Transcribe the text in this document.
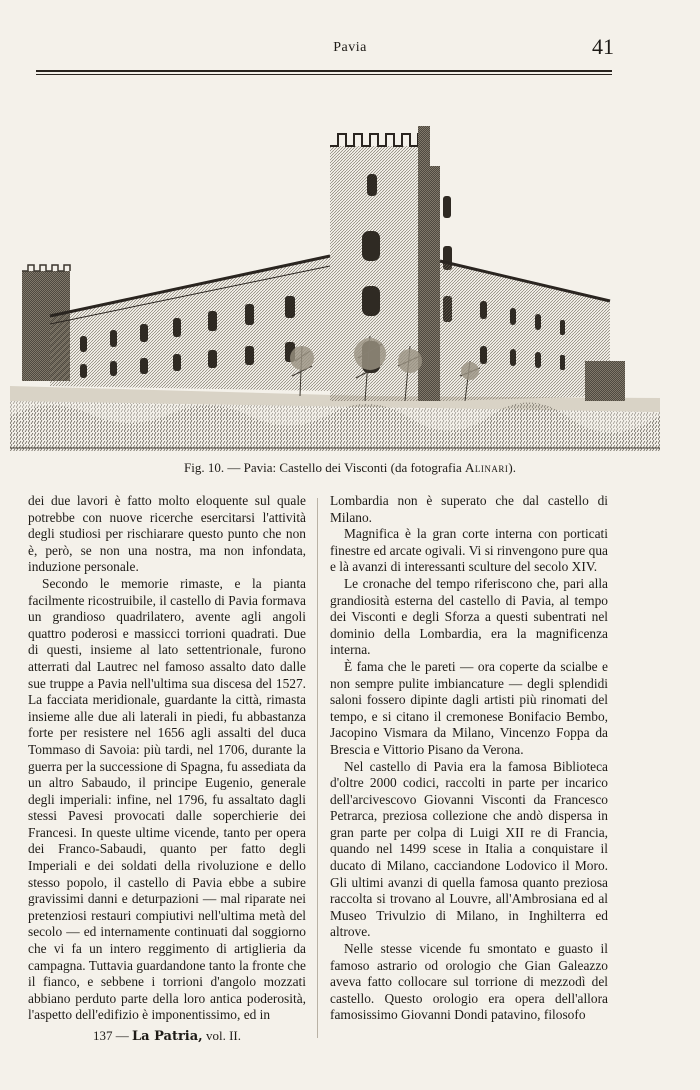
Pavia	41
Fig. 10. — Pavia: Castello dei Visconti (da fotografia Alinari).

dei due lavori è fatto molto eloquente sul quale potrebbe con nuove ricerche esercitarsi l'attività degli studiosi per rischiarare questo punto che non è, però, se non una nostra, ma non infondata, induzione personale.

Secondo le memorie rimaste, e la pianta facilmente ricostruibile, il castello di Pavia formava un grandioso quadrilatero, avente agli angoli quattro poderosi e massicci torrioni quadrati. Due di questi, insieme al lato settentrionale, furono atterrati dal Lautrec nel famoso assalto dato dalle sue truppe a Pavia nell'ultima sua discesa del 1527. La facciata meridionale, guardante la città, rimasta insieme alle due ali laterali in piedi, fu abbastanza forte per resistere nel 1656 agli assalti del duca Tommaso di Savoia: più tardi, nel 1706, durante la guerra per la successione di Spagna, fu assediata da un altro Sabaudo, il principe Eugenio, generale degli imperiali: infine, nel 1796, fu assaltato dagli stessi Pavesi provocati dalle soperchierie dei Francesi. In queste ultime vicende, tanto per opera dei Franco-Sabaudi, quanto per fatto degli Imperiali e dei soldati della rivoluzione e dello stesso popolo, il castello di Pavia ebbe a subire gravissimi danni e deturpazioni — mal riparate nei pretenziosi restauri compiutivi nell'ultima metà del secolo — ed internamente continuati dal soggiorno che vi fa un intero reggimento di artiglieria da campagna. Tuttavia guardandone tanto la fronte che il fianco, e sebbene i torrioni d'angolo mozzati abbiano perduto parte della loro antica poderosità, l'aspetto dell'edifizio è imponentissimo, ed in

Lombardia non è superato che dal castello di Milano.

Magnifica è la gran corte interna con porticati finestre ed arcate ogivali. Vi si rinvengono pure qua e là avanzi di interessanti sculture del secolo XIV.

Le cronache del tempo riferiscono che, pari alla grandiosità esterna del castello di Pavia, al tempo dei Visconti e degli Sforza a questi subentrati nel dominio della Lombardia, era la magnificenza interna.

È fama che le pareti — ora coperte da scialbe e non sempre pulite imbiancature — degli splendidi saloni fossero dipinte dagli artisti più rinomati del tempo, e si citano il cremonese Bonifacio Bembo, Jacopino Vismara da Milano, Vincenzo Foppa da Brescia e Vittorio Pisano da Verona.

Nel castello di Pavia era la famosa Biblioteca d'oltre 2000 codici, raccolti in parte per incarico dell'arcivescovo Giovanni Visconti da Francesco Petrarca, preziosa collezione che andò dispersa in gran parte per colpa di Luigi XII re di Francia, quando nel 1499 scese in Italia a conquistare il ducato di Milano, cacciandone Lodovico il Moro. Gli ultimi avanzi di quella famosa quanto preziosa raccolta si trovano al Louvre, all'Ambrosiana ed al Museo Trivulzio di Milano, in Inghilterra ed altrove.

Nelle stesse vicende fu smontato e guasto il famoso astrario od orologio che Gian Galeazzo aveva fatto collocare sul torrione di mezzodì del castello. Questo orologio era opera dell'allora famosissimo Giovanni Dondi patavino, filosofo

137 — La Patria, vol. II.
